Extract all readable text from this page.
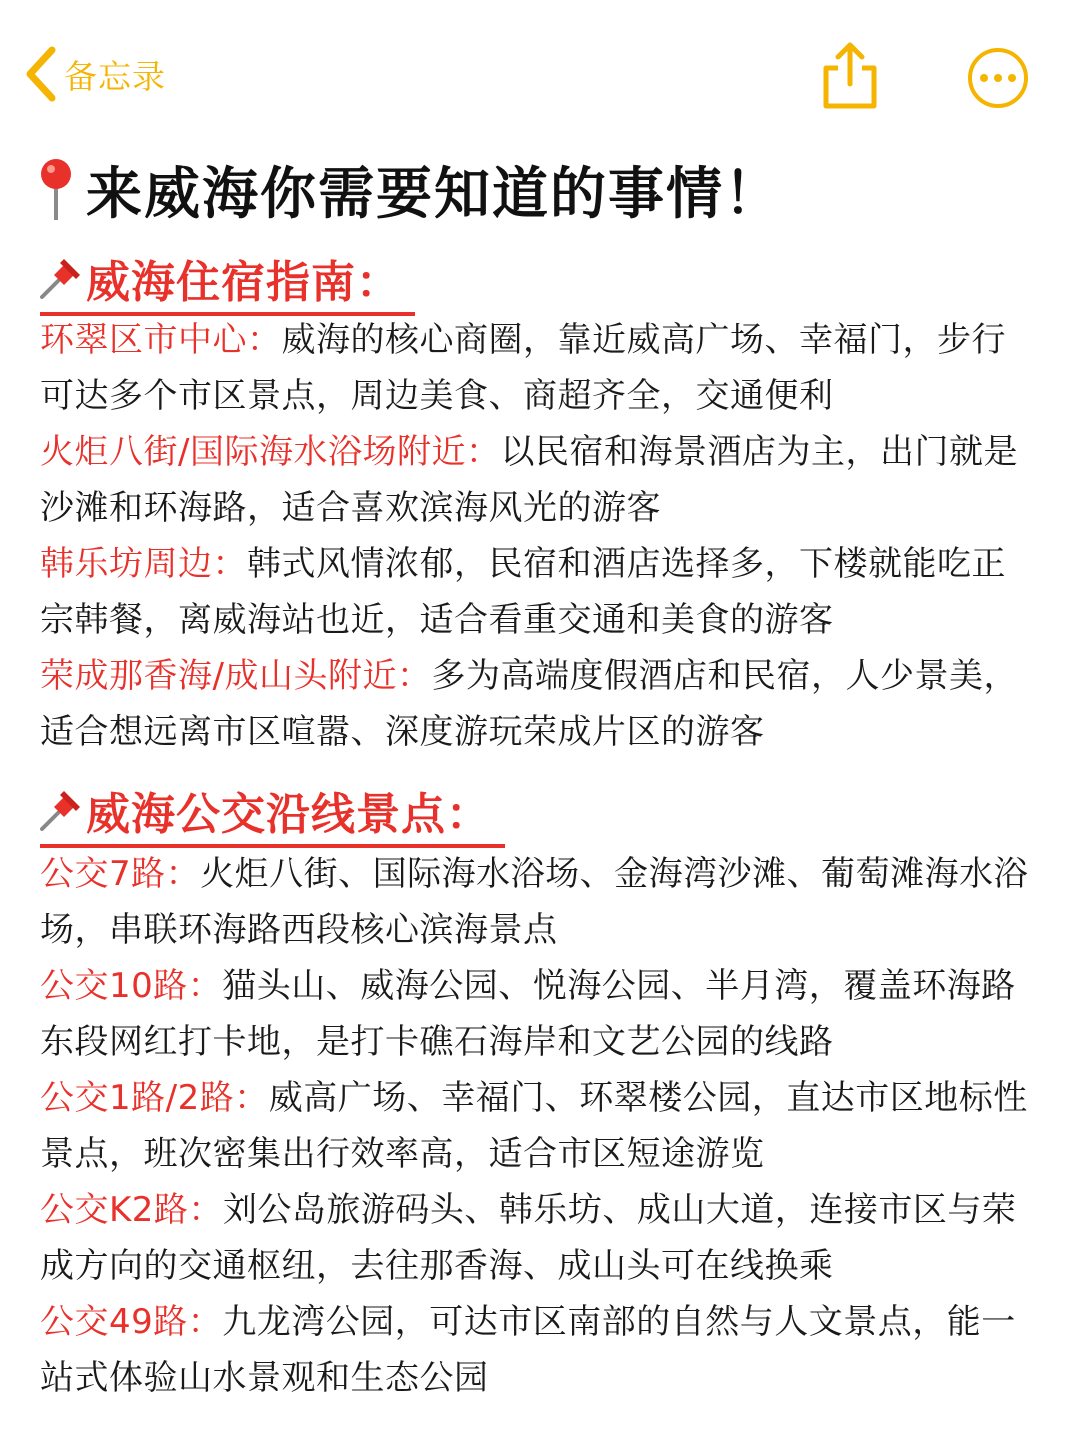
备忘录
来威海你需要知道的事情！
威海住宿指南：
环翠区市中心：威海的核心商圈，靠近威高广场、幸福门，步行可达多个市区景点，周边美食、商超齐全，交通便利
火炬八街/国际海水浴场附近：以民宿和海景酒店为主，出门就是沙滩和环海路，适合喜欢滨海风光的游客
韩乐坊周边：韩式风情浓郁，民宿和酒店选择多，下楼就能吃正宗韩餐，离威海站也近，适合看重交通和美食的游客
荣成那香海/成山头附近：多为高端度假酒店和民宿，人少景美，适合想远离市区喧嚣、深度游玩荣成片区的游客
威海公交沿线景点：
公交7路：火炬八街、国际海水浴场、金海湾沙滩、葡萄滩海水浴场，串联环海路西段核心滨海景点
公交10路：猫头山、威海公园、悦海公园、半月湾，覆盖环海路东段网红打卡地，是打卡礁石海岸和文艺公园的线路
公交1路/2路：威高广场、幸福门、环翠楼公园，直达市区地标性景点，班次密集出行效率高，适合市区短途游览
公交K2路：刘公岛旅游码头、韩乐坊、成山大道，连接市区与荣成方向的交通枢纽，去往那香海、成山头可在线换乘
公交49路：九龙湾公园，可达市区南部的自然与人文景点，能一站式体验山水景观和生态公园
